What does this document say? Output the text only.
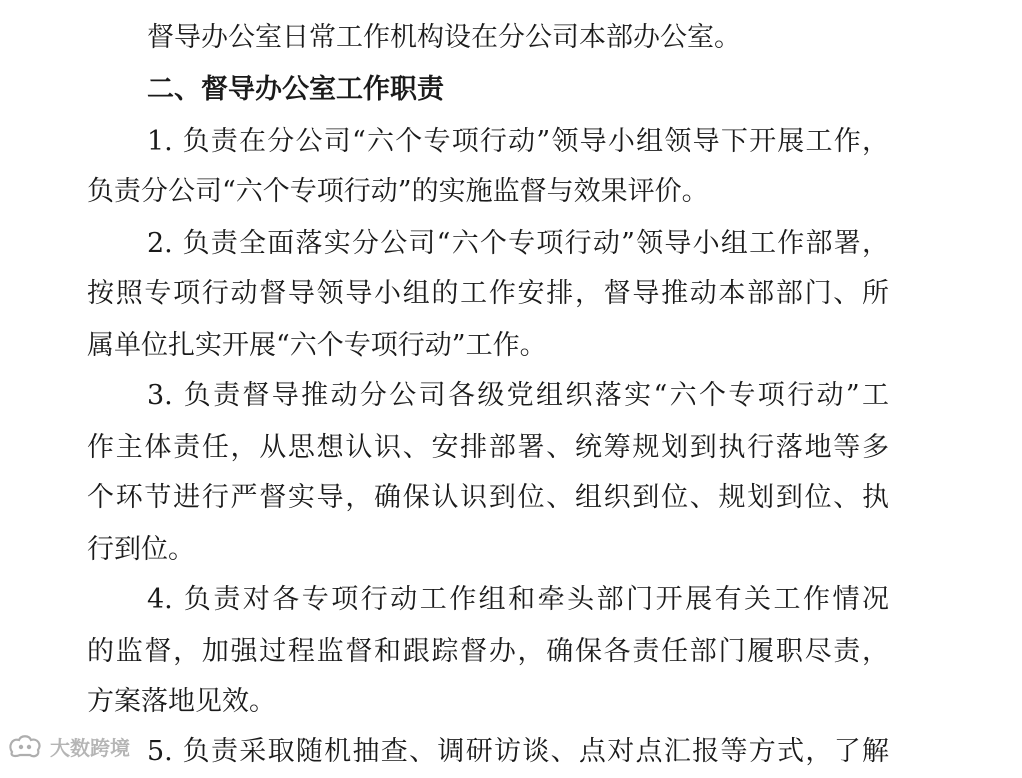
督导办公室日常工作机构设在分公司本部办公室。
二、督导办公室工作职责
1. 负责在分公司“六个专项行动”领导小组领导下开展工作，
负责分公司“六个专项行动”的实施监督与效果评价。
2. 负责全面落实分公司“六个专项行动”领导小组工作部署，
按照专项行动督导领导小组的工作安排，督导推动本部部门、所
属单位扎实开展“六个专项行动”工作。
3. 负责督导推动分公司各级党组织落实“六个专项行动”工
作主体责任，从思想认识、安排部署、统筹规划到执行落地等多
个环节进行严督实导，确保认识到位、组织到位、规划到位、执
行到位。
4. 负责对各专项行动工作组和牵头部门开展有关工作情况
的监督，加强过程监督和跟踪督办，确保各责任部门履职尽责，
方案落地见效。
5. 负责采取随机抽查、调研访谈、点对点汇报等方式，了解
大数跨境
